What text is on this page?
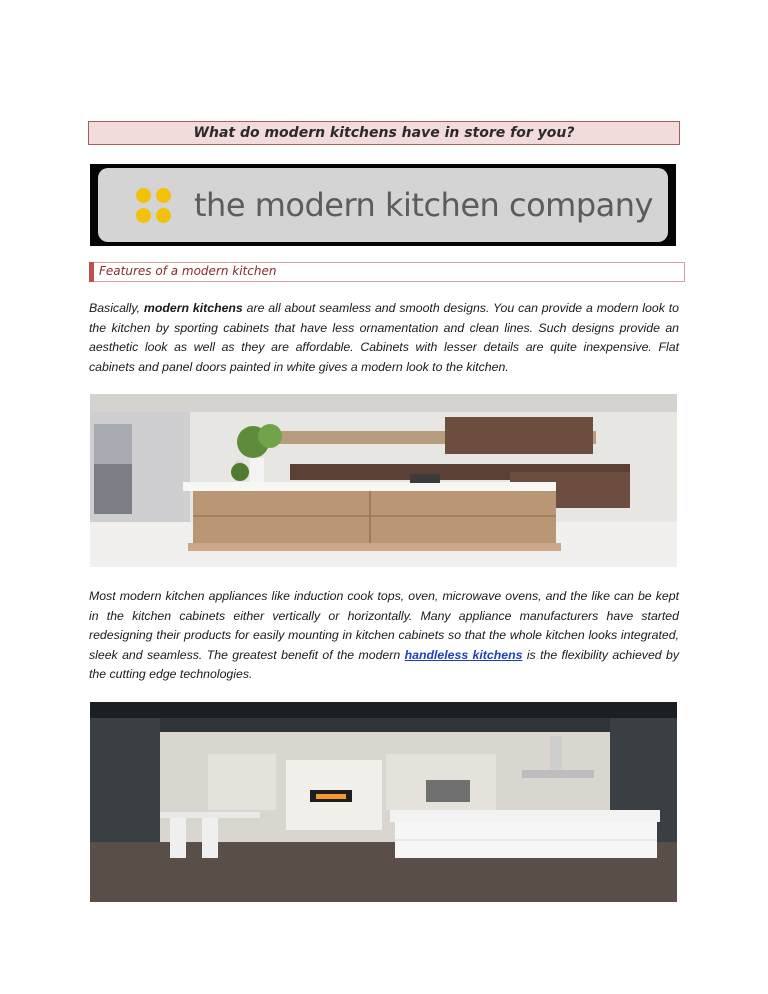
What do modern kitchens have in store for you?
the modern kitchen company
Features of a modern kitchen

Basically, modern kitchens are all about seamless and smooth designs. You can provide a modern look to the kitchen by sporting cabinets that have less ornamentation and clean lines. Such designs provide an aesthetic look as well as they are affordable. Cabinets with lesser details are quite inexpensive. Flat cabinets and panel doors painted in white gives a modern look to the kitchen.

Most modern kitchen appliances like induction cook tops, oven, microwave ovens, and the like can be kept in the kitchen cabinets either vertically or horizontally. Many appliance manufacturers have started redesigning their products for easily mounting in kitchen cabinets so that the whole kitchen looks integrated, sleek and seamless. The greatest benefit of the modern handleless kitchens is the flexibility achieved by the cutting edge technologies.
